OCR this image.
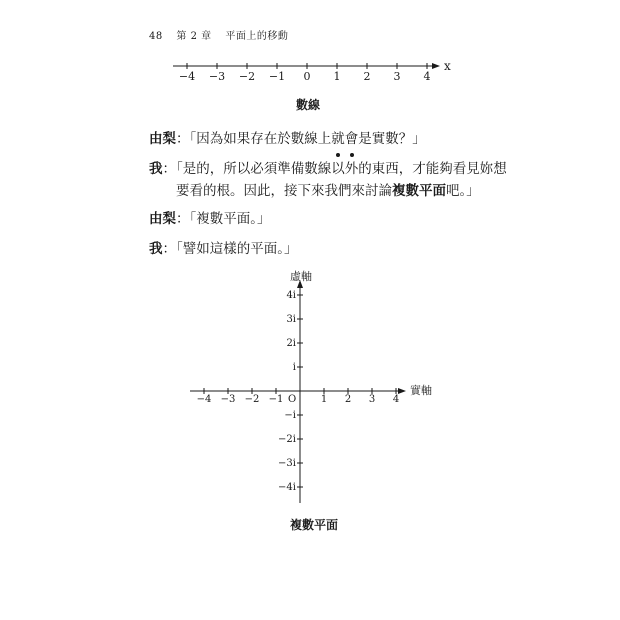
48 第 2 章 平面上的移動
x
−4 −3 −2 −1 0 1 2 3 4
數線
由梨：「因為如果存在於數線上就會是實數？」
我：「是的，所以必須準備數線以外的東西，才能夠看見妳想
要看的根。因此，接下來我們來討論複數平面吧。」
由梨：「複數平面。」
我：「譬如這樣的平面。」
虛軸
實軸
O
−4 −3 −2 −1	1 2 3 4
4i
3i
2i
i
−i
−2i
−3i
−4i
複數平面
